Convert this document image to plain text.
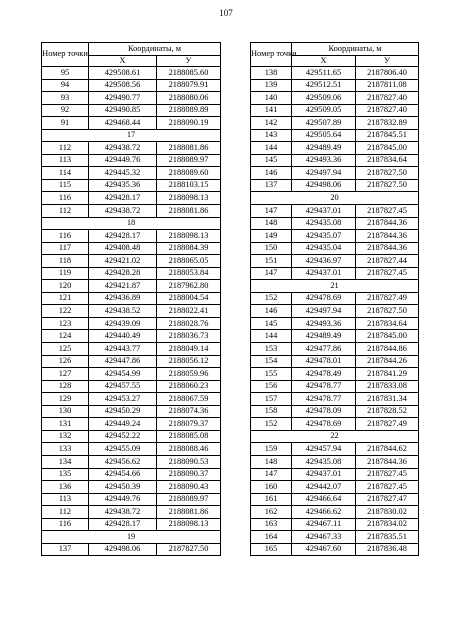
107
Номер точки	Координаты, м	
	X	У
95	429508.61	2188085.60
94	429508.56	2188079.91
93	429490.77	2188080.06
92	429490.85	2188089.89
91	429468.44	2188090.19
17		
112	429438.72	2188081.86
113	429449.76	2188089.97
114	429445.32	2188089.60
115	429435.36	2188103.15
116	429428.17	2188098.13
112	429438.72	2188081.86
18		
116	429428.17	2188098.13
117	429408.48	2188084.39
118	429421.02	2188065.05
119	429428.28	2188053.84
120	429421.87	2187962.80
121	429436.89	2188004.54
122	429438.52	2188022.41
123	429439.09	2188028.76
124	429440.49	2188036.73
125	429443.77	2188049.14
126	429447.86	2188056.12
127	429454.99	2188059.96
128	429457.55	2188060.23
129	429453.27	2188067.59
130	429450.29	2188074.36
131	429449.24	2188079.37
132	429452.22	2188085.08
133	429455.09	2188088.46
134	429456.62	2188090.53
135	429454.66	2188090.37
136	429450.39	2188090.43
113	429449.76	2188089.97
112	429438.72	2188081.86
116	429428.17	2188098.13
19		
137	429498.06	2187827.50
Номер точки	Координаты, м	
	X	У
138	429511.65	2187806.40
139	429512.51	2187811.08
140	429509.06	2187827.40
141	429509.05	2187827.40
142	429507.89	2187832.89
143	429505.64	2187845.51
144	429489.49	2187845.00
145	429493.36	2187834.64
146	429497.94	2187827.50
137	429498.06	2187827.50
20		
147	429437.01	2187827.45
148	429435.08	2187844.36
149	429435.07	2187844.36
150	429435.04	2187844.36
151	429436.97	2187827.44
147	429437.01	2187827.45
21		
152	429478.69	2187827.49
146	429497.94	2187827.50
145	429493.36	2187834.64
144	429489.49	2187845.00
153	429477.86	2187844.86
154	429478.01	2187844.26
155	429478.49	2187841.29
156	429478.77	2187833.08
157	429478.77	2187831.34
158	429478.09	2187828.52
152	429478.69	2187827.49
22		
159	429457.94	2187844.62
148	429435.08	2187844.36
147	429437.01	2187827.45
160	429442.07	2187827.45
161	429466.64	2187827.47
162	429466.62	2187830.02
163	429467.11	2187834.02
164	429467.33	2187835.51
165	429467.60	2187836.48
